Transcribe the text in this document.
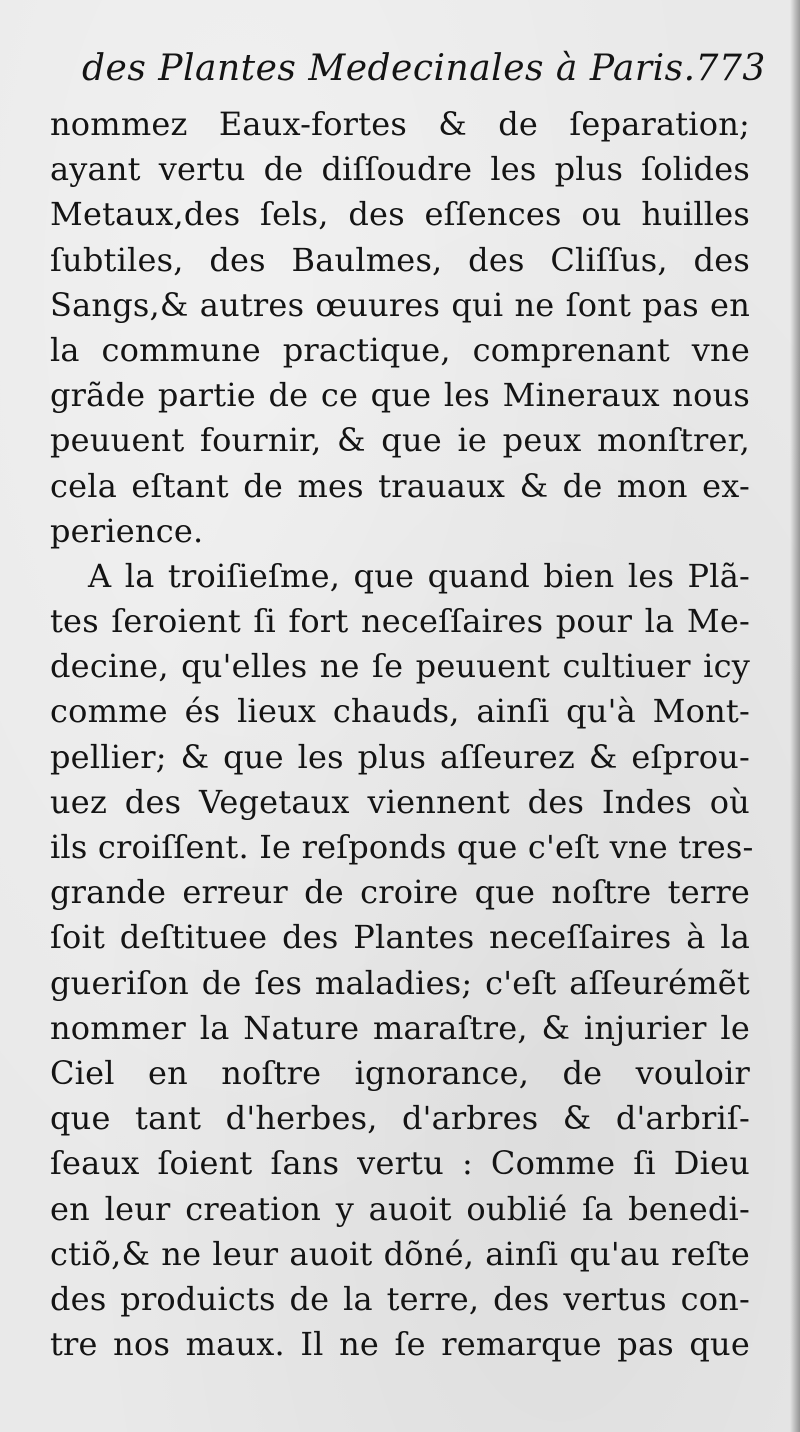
des Plantes Medecinales à Paris. 773
nommez Eaux-fortes & de ſeparation;
ayant vertu de diſſoudre les plus ſolides
Metaux,des ſels, des eſſences ou huilles
ſubtiles, des Baulmes, des Cliſſus, des
Sangs,& autres œuures qui ne ſont pas en
la commune practique, comprenant vne
grãde partie de ce que les Mineraux nous
peuuent fournir, & que ie peux monſtrer,
cela eſtant de mes trauaux & de mon ex-
perience.
A la troiſieſme, que quand bien les Plã-
tes ſeroient ſi fort neceſſaires pour la Me-
decine, qu'elles ne ſe peuuent cultiuer icy
comme és lieux chauds, ainſi qu'à Mont-
pellier; & que les plus aſſeurez & eſprou-
uez des Vegetaux viennent des Indes où
ils croiſſent. Ie reſponds que c'eſt vne tres-
grande erreur de croire que noſtre terre
ſoit deſtituee des Plantes neceſſaires à la
gueriſon de ſes maladies; c'eſt aſſeurémẽt
nommer la Nature maraſtre, & injurier le
Ciel en noſtre ignorance, de vouloir
que tant d'herbes, d'arbres & d'arbriſ-
ſeaux ſoient ſans vertu : Comme ſi Dieu
en leur creation y auoit oublié ſa benedi-
ctiõ,& ne leur auoit dõné, ainſi qu'au reſte
des produicts de la terre, des vertus con-
tre nos maux. Il ne ſe remarque pas que
